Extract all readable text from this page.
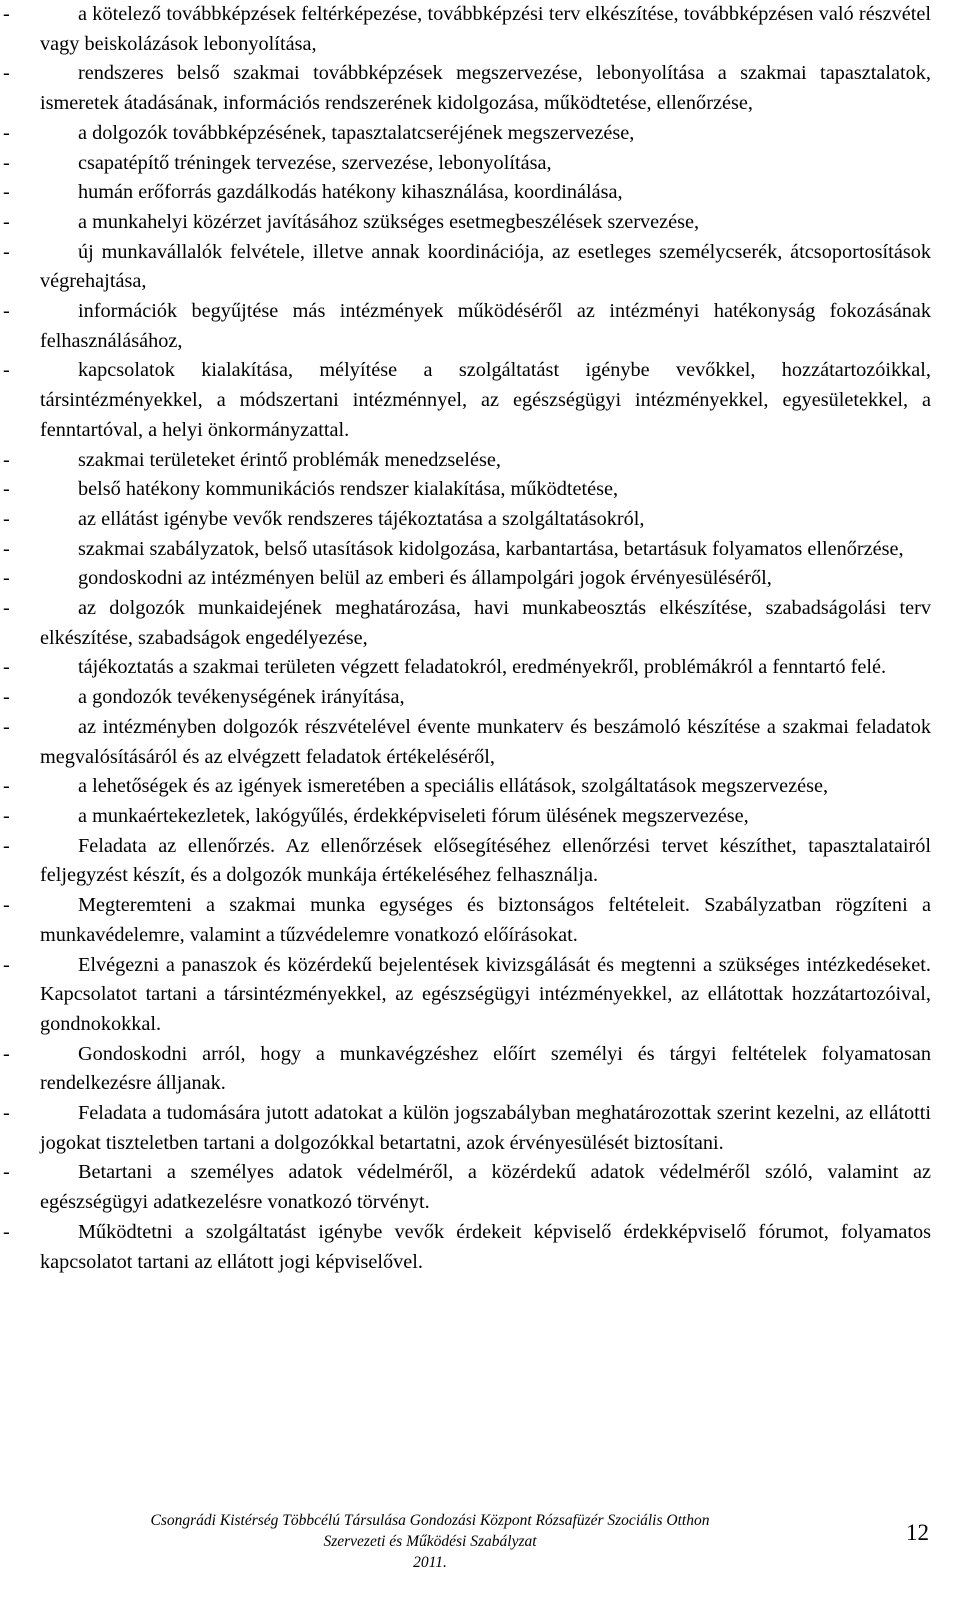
-	a kötelező továbbképzések feltérképezése, továbbképzési terv elkészítése, továbbképzésen való részvétel vagy beiskolázások lebonyolítása,
-	rendszeres belső szakmai továbbképzések megszervezése, lebonyolítása a szakmai tapasztalatok, ismeretek átadásának, információs rendszerének kidolgozása, működtetése, ellenőrzése,
-	a dolgozók továbbképzésének, tapasztalatcseréjének megszervezése,
-	csapatépítő tréningek tervezése, szervezése, lebonyolítása,
-	humán erőforrás gazdálkodás hatékony kihasználása, koordinálása,
-	a munkahelyi közérzet javításához szükséges esetmegbeszélések szervezése,
-	új munkavállalók felvétele, illetve annak koordinációja, az esetleges személycserék, átcsoportosítások végrehajtása,
-	információk begyűjtése más intézmények működéséről az intézményi hatékonyság fokozásának felhasználásához,
-	kapcsolatok kialakítása, mélyítése a szolgáltatást igénybe vevőkkel, hozzátartozóikkal, társintézményekkel, a módszertani intézménnyel, az egészségügyi intézményekkel, egyesületekkel, a fenntartóval, a helyi önkormányzattal.
-	szakmai területeket érintő problémák menedzselése,
-	belső hatékony kommunikációs rendszer kialakítása, működtetése,
-	az ellátást igénybe vevők rendszeres tájékoztatása a szolgáltatásokról,
-	szakmai szabályzatok, belső utasítások kidolgozása, karbantartása, betartásuk folyamatos ellenőrzése,
-	gondoskodni az intézményen belül az emberi és állampolgári jogok érvényesüléséről,
-	az dolgozók munkaidejének meghatározása, havi munkabeosztás elkészítése, szabadságolási terv elkészítése, szabadságok engedélyezése,
-	tájékoztatás a szakmai területen végzett feladatokról, eredményekről, problémákról a fenntartó felé.
-	a gondozók tevékenységének irányítása,
-	az intézményben dolgozók részvételével évente munkaterv és beszámoló készítése a szakmai feladatok megvalósításáról és az elvégzett feladatok értékeléséről,
-	a lehetőségek és az igények ismeretében a speciális ellátások, szolgáltatások megszervezése,
-	a munkaértekezletek, lakógyűlés, érdekképviseleti fórum ülésének megszervezése,
-	Feladata az ellenőrzés. Az ellenőrzések elősegítéséhez ellenőrzési tervet készíthet, tapasztalatairól feljegyzést készít, és a dolgozók munkája értékeléséhez felhasználja.
-	Megteremteni a szakmai munka egységes és biztonságos feltételeit. Szabályzatban rögzíteni a munkavédelemre, valamint a tűzvédelemre vonatkozó előírásokat.
-	Elvégezni a panaszok és közérdekű bejelentések kivizsgálását és megtenni a szükséges intézkedéseket. Kapcsolatot tartani a társintézményekkel, az egészségügyi intézményekkel, az ellátottak hozzátartozóival, gondnokokkal.
-	Gondoskodni arról, hogy a munkavégzéshez előírt személyi és tárgyi feltételek folyamatosan rendelkezésre álljanak.
-	Feladata a tudomására jutott adatokat a külön jogszabályban meghatározottak szerint kezelni, az ellátotti jogokat tiszteletben tartani a dolgozókkal betartatni, azok érvényesülését biztosítani.
-	Betartani a személyes adatok védelméről, a közérdekű adatok védelméről szóló, valamint az egészségügyi adatkezelésre vonatkozó törvényt.
-	Működtetni a szolgáltatást igénybe vevők érdekeit képviselő érdekképviselő fórumot, folyamatos kapcsolatot tartani az ellátott jogi képviselővel.
Csongrádi Kistérség Többcélú Társulása Gondozási Központ Rózsafüzér Szociális Otthon
Szervezeti és Működési Szabályzat
2011.
12
